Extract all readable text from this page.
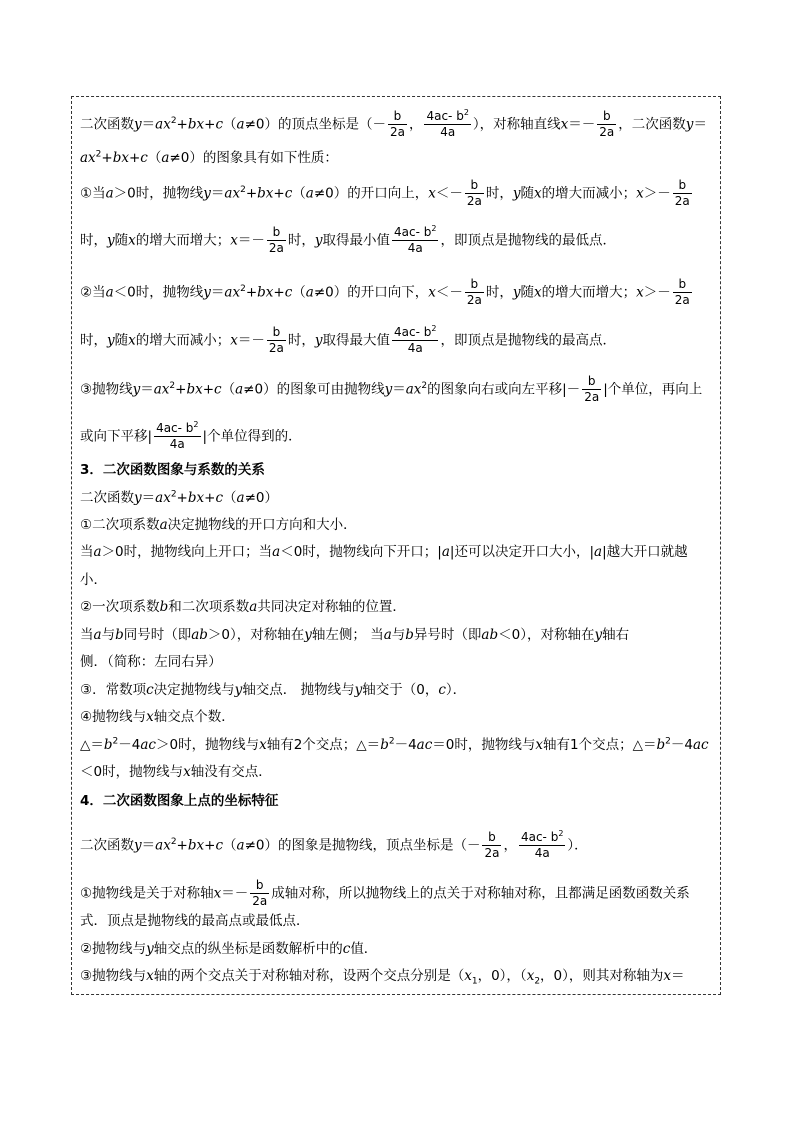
二次函数$y=ax^2+bx+c(a\ne 0)$的顶点坐标是（－ $\frac{b}{2a}$ ， $\frac{4ac- b^2}{4a}$ ），对称轴直线$x=- \frac{b}{2a}$ ，二次函数y＝
$ax^2+bx+c(a\ne 0)$的图象具有如下性质：
①当a＞0时，抛物线$y=ax^2+bx+c(a\ne 0)$的开口向上，$x<- \frac{b}{2a}$ 时，y随x的增大而减小；$x>- \frac{b}{2a}$
时，y随x的增大而增大；$x=- \frac{b}{2a}$ 时，y取得最小值 $\frac{4ac- b^2}{4a}$ ，即顶点是抛物线的最低点．
②当a＜0时，抛物线$y=ax^2+bx+c(a\ne 0)$的开口向下，$x<- \frac{b}{2a}$ 时，y随x的增大而增大；$x>- \frac{b}{2a}$
时，y随x的增大而减小；$x=- \frac{b}{2a}$ 时，y取得最大值 $\frac{4ac- b^2}{4a}$ ，即顶点是抛物线的最高点．
③抛物线$y=ax^2+bx+c(a\ne 0)$的图象可由抛物线$y=ax^2$的图象向右或向左平移|－ $\frac{b}{2a}$ |个单位，再向上
或向下平移| $\frac{4ac- b^2}{4a}$ |个单位得到的．
3．二次函数图象与系数的关系
二次函数$y=ax^2+bx+c(a\ne 0)$
①二次项系数a决定抛物线的开口方向和大小．
当a＞0时，抛物线向上开口；当a＜0时，抛物线向下开口；|a|还可以决定开口大小，|a|越大开口就越
小．
②一次项系数b和二次项系数a共同决定对称轴的位置．
当a与b同号时（即ab＞0），对称轴在y轴左侧； 当a与b异号时（即ab＜0），对称轴在y轴右
侧．（简称：左同右异）
③．常数项c决定抛物线与y轴交点． 抛物线与y轴交于（0，c）．
④抛物线与x轴交点个数．
$\triangle=b^2-4ac>0$时，抛物线与x轴有2个交点；$\triangle=b^2-4ac=0$时，抛物线与x轴有1个交点；$\triangle=b^2-4ac$
＜0时，抛物线与x轴没有交点．
4．二次函数图象上点的坐标特征
二次函数$y=ax^2+bx+c(a\ne 0)$的图象是抛物线，顶点坐标是（－ $\frac{b}{2a}$ ， $\frac{4ac- b^2}{4a}$ ）．
①抛物线是关于对称轴$x=- \frac{b}{2a}$ 成轴对称，所以抛物线上的点关于对称轴对称，且都满足函数函数关系
式．顶点是抛物线的最高点或最低点．
②抛物线与y轴交点的纵坐标是函数解析中的c值．
③抛物线与x轴的两个交点关于对称轴对称，设两个交点分别是（$x_1$，0），（$x_2$，0），则其对称轴为x＝
